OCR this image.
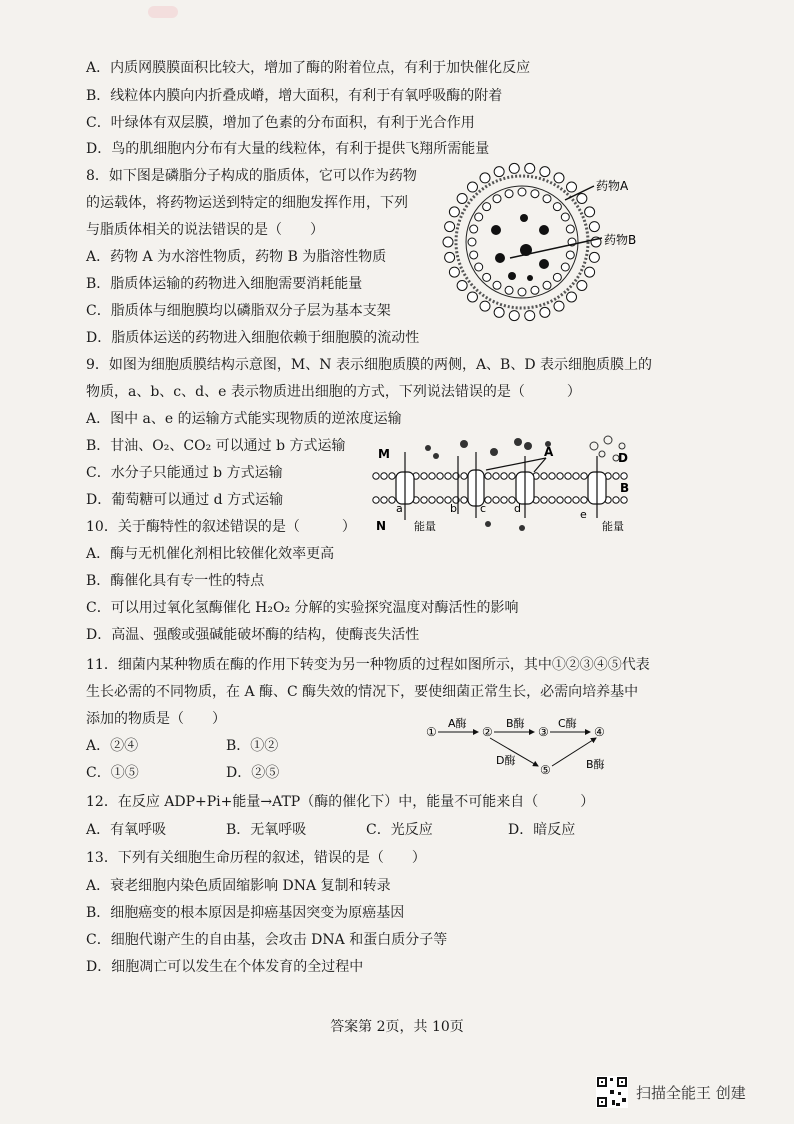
A．内质网膜膜面积比较大，增加了酶的附着位点，有利于加快催化反应
B．线粒体内膜向内折叠成嵴，增大面积，有利于有氧呼吸酶的附着
C．叶绿体有双层膜，增加了色素的分布面积，有利于光合作用
D．鸟的肌细胞内分布有大量的线粒体，有利于提供飞翔所需能量
8．如下图是磷脂分子构成的脂质体，它可以作为药物
的运载体，将药物运送到特定的细胞发挥作用，下列
与脂质体相关的说法错误的是（　　）
A．药物 A 为水溶性物质，药物 B 为脂溶性物质
B．脂质体运输的药物进入细胞需要消耗能量
C．脂质体与细胞膜均以磷脂双分子层为基本支架
D．脂质体运送的药物进入细胞依赖于细胞膜的流动性
药物A
药物B
9．如图为细胞质膜结构示意图，M、N 表示细胞质膜的两侧，A、B、D 表示细胞质膜上的
物质，a、b、c、d、e 表示物质进出细胞的方式，下列说法错误的是（　　　）
A．图中 a、e 的运输方式能实现物质的逆浓度运输
B．甘油、O₂、CO₂ 可以通过 b 方式运输
C．水分子只能通过 b 方式运输
D．葡萄糖可以通过 d 方式运输
M
N
A
B
D
a	b c	d	e
能量	能量
10．关于酶特性的叙述错误的是（　　　）
A．酶与无机催化剂相比较催化效率更高
B．酶催化具有专一性的特点
C．可以用过氧化氢酶催化 H₂O₂ 分解的实验探究温度对酶活性的影响
D．高温、强酸或强碱能破坏酶的结构，使酶丧失活性
11．细菌内某种物质在酶的作用下转变为另一种物质的过程如图所示，其中①②③④⑤代表
生长必需的不同物质，在 A 酶、C 酶失效的情况下，要使细菌正常生长，必需向培养基中
添加的物质是（　　）
A．②④	B．①②
C．①⑤	D．②⑤
①	②	③	④
⑤
A酶	B酶	C酶
D酶	B酶
12．在反应 ADP+Pi+能量→ATP（酶的催化下）中，能量不可能来自（　　　）
A．有氧呼吸	B．无氧呼吸	C．光反应	D．暗反应
13．下列有关细胞生命历程的叙述，错误的是（　　）
A．衰老细胞内染色质固缩影响 DNA 复制和转录
B．细胞癌变的根本原因是抑癌基因突变为原癌基因
C．细胞代谢产生的自由基，会攻击 DNA 和蛋白质分子等
D．细胞凋亡可以发生在个体发育的全过程中
答案第 2页，共 10页
扫描全能王 创建
